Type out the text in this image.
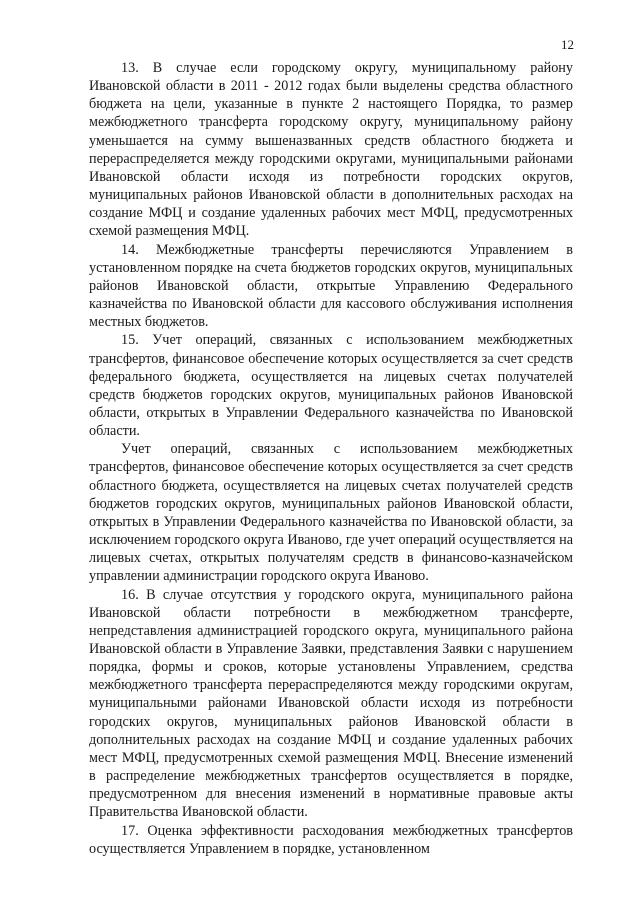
12

13. В случае если городскому округу, муниципальному району Ивановской области в 2011 - 2012 годах были выделены средства областного бюджета на цели, указанные в пункте 2 настоящего Порядка, то размер межбюджетного трансферта городскому округу, муниципальному району уменьшается на сумму вышеназванных средств областного бюджета и перераспределяется между городскими округами, муниципальными районами Ивановской области исходя из потребности городских округов, муниципальных районов Ивановской области в дополнительных расходах на создание МФЦ и создание удаленных рабочих мест МФЦ, предусмотренных схемой размещения МФЦ.

14. Межбюджетные трансферты перечисляются Управлением в установленном порядке на счета бюджетов городских округов, муниципальных районов Ивановской области, открытые Управлению Федерального казначейства по Ивановской области для кассового обслуживания исполнения местных бюджетов.

15. Учет операций, связанных с использованием межбюджетных трансфертов, финансовое обеспечение которых осуществляется за счет средств федерального бюджета, осуществляется на лицевых счетах получателей средств бюджетов городских округов, муниципальных районов Ивановской области, открытых в Управлении Федерального казначейства по Ивановской области.

Учет операций, связанных с использованием межбюджетных трансфертов, финансовое обеспечение которых осуществляется за счет средств областного бюджета, осуществляется на лицевых счетах получателей средств бюджетов городских округов, муниципальных районов Ивановской области, открытых в Управлении Федерального казначейства по Ивановской области, за исключением городского округа Иваново, где учет операций осуществляется на лицевых счетах, открытых получателям средств в финансово-казначейском управлении администрации городского округа Иваново.

16. В случае отсутствия у городского округа, муниципального района Ивановской области потребности в межбюджетном трансферте, непредставления администрацией городского округа, муниципального района Ивановской области в Управление Заявки, представления Заявки с нарушением порядка, формы и сроков, которые установлены Управлением, средства межбюджетного трансферта перераспределяются между городскими округам, муниципальными районами Ивановской области исходя из потребности городских округов, муниципальных районов Ивановской области в дополнительных расходах на создание МФЦ и создание удаленных рабочих мест МФЦ, предусмотренных схемой размещения МФЦ. Внесение изменений в распределение межбюджетных трансфертов осуществляется в порядке, предусмотренном для внесения изменений в нормативные правовые акты Правительства Ивановской области.

17. Оценка эффективности расходования межбюджетных трансфертов осуществляется Управлением в порядке, установленном
